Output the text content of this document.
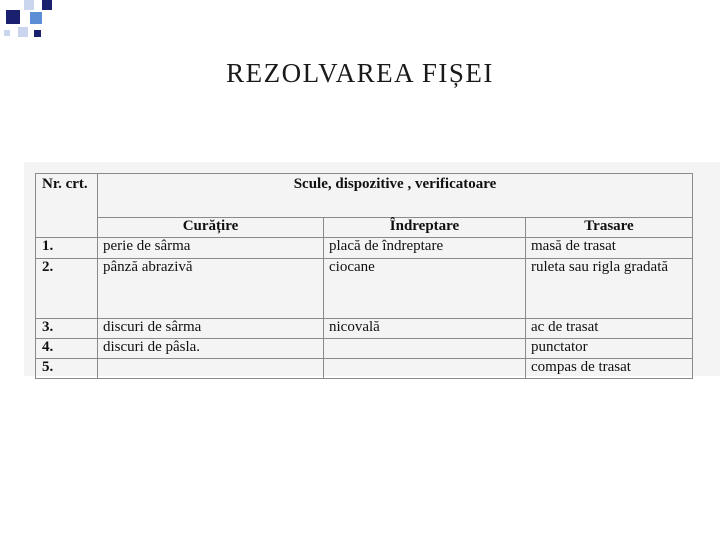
REZOLVAREA FIȘEI
Nr. crt.	Scule, dispozitive , verificatoare		
	Curățire	Îndreptare	Trasare
1.	perie de sârma	placă de îndreptare	masă de trasat
2.	pânză abrazivă	ciocane	ruleta sau rigla gradată
3.	discuri de sârma	nicovală	ac de trasat
4.	discuri de pâsla.		punctator
5.			compas de trasat
